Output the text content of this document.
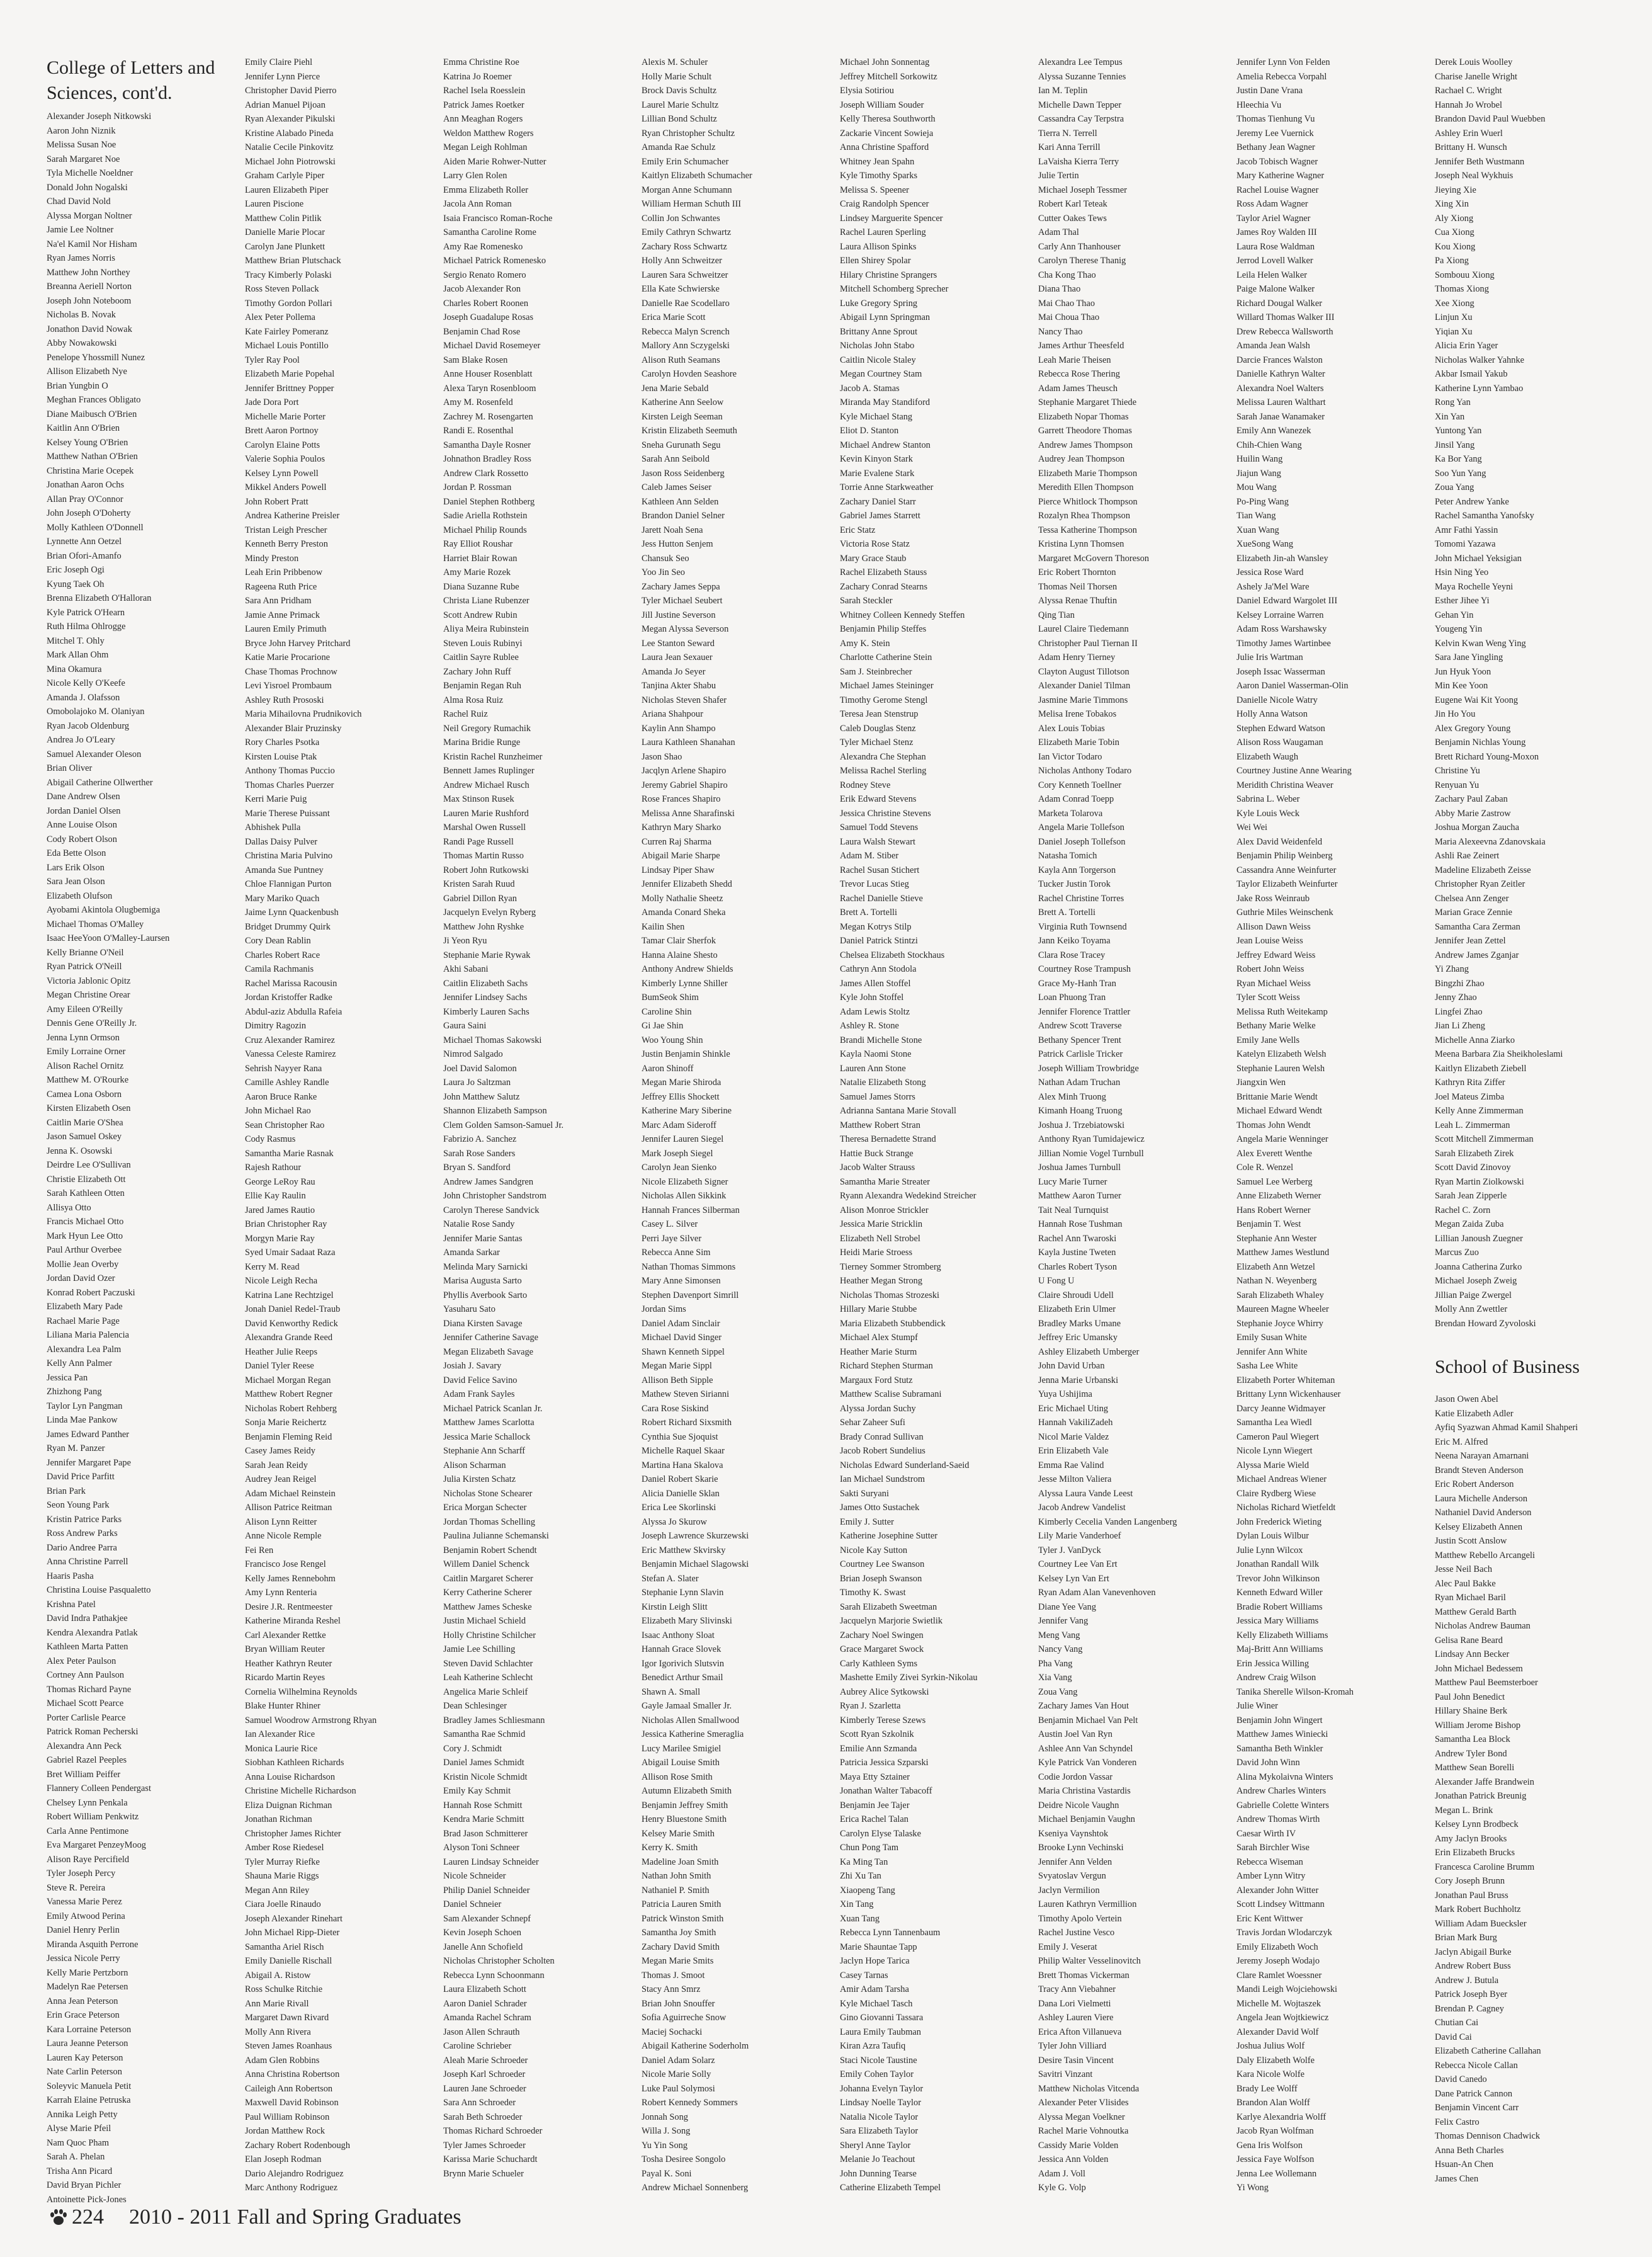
College of Letters and Sciences, cont'd.
Alexander Joseph Nitkowski
Aaron John Niznik
Melissa Susan Noe
Sarah Margaret Noe
Tyla Michelle Noeldner
Donald John Nogalski
Chad David Nold
Alyssa Morgan Noltner
Jamie Lee Noltner
Na'el Kamil Nor Hisham
Ryan James Norris
Matthew John Northey
Breanna Aeriell Norton
Joseph John Noteboom
Nicholas B. Novak
Jonathon David Nowak
Abby Nowakowski
Penelope Yhossmill Nunez
Allison Elizabeth Nye
Brian Yungbin O
Meghan Frances Obligato
Diane Maibusch O'Brien
Kaitlin Ann O'Brien
Kelsey Young O'Brien
Matthew Nathan O'Brien
Christina Marie Ocepek
Jonathan Aaron Ochs
Allan Pray O'Connor
John Joseph O'Doherty
Molly Kathleen O'Donnell
Lynnette Ann Oetzel
Brian Ofori-Amanfo
Eric Joseph Ogi
Kyung Taek Oh
Brenna Elizabeth O'Halloran
Kyle Patrick O'Hearn
Ruth Hilma Ohlrogge
Mitchel T. Ohly
Mark Allan Ohm
Mina Okamura
Nicole Kelly O'Keefe
Amanda J. Olafsson
Omobolajoko M. Olaniyan
Ryan Jacob Oldenburg
Andrea Jo O'Leary
Samuel Alexander Oleson
Brian Oliver
Abigail Catherine Ollwerther
Dane Andrew Olsen
Jordan Daniel Olsen
Anne Louise Olson
Cody Robert Olson
Eda Bette Olson
Lars Erik Olson
Sara Jean Olson
Elizabeth Olufson
Ayobami Akintola Olugbemiga
Michael Thomas O'Malley
Isaac HeeYoon O'Malley-Laursen
Kelly Brianne O'Neil
Ryan Patrick O'Neill
Victoria Jablonic Opitz
Megan Christine Orear
Amy Eileen O'Reilly
Dennis Gene O'Reilly Jr.
Jenna Lynn Ormson
Emily Lorraine Orner
Alison Rachel Ornitz
Matthew M. O'Rourke
Camea Lona Osborn
Kirsten Elizabeth Osen
Caitlin Marie O'Shea
Jason Samuel Oskey
Jenna K. Osowski
Deirdre Lee O'Sullivan
Christie Elizabeth Ott
Sarah Kathleen Otten
Allisya Otto
Francis Michael Otto
Mark Hyun Lee Otto
Paul Arthur Overbee
Mollie Jean Overby
Jordan David Ozer
Konrad Robert Paczuski
Elizabeth Mary Pade
Rachael Marie Page
Liliana Maria Palencia
Alexandra Lea Palm
Kelly Ann Palmer
Jessica Pan
Zhizhong Pang
Taylor Lyn Pangman
Linda Mae Pankow
James Edward Panther
Ryan M. Panzer
Jennifer Margaret Pape
David Price Parfitt
Brian Park
Seon Young Park
Kristin Patrice Parks
Ross Andrew Parks
Dario Andree Parra
Anna Christine Parrell
Haaris Pasha
Christina Louise Pasqualetto
Krishna Patel
David Indra Pathakjee
Kendra Alexandra Patlak
Kathleen Marta Patten
Alex Peter Paulson
Cortney Ann Paulson
Thomas Richard Payne
Michael Scott Pearce
Porter Carlisle Pearce
Patrick Roman Pecherski
Alexandra Ann Peck
Gabriel Razel Peeples
Bret William Peiffer
Flannery Colleen Pendergast
Chelsey Lynn Penkala
Robert William Penkwitz
Carla Anne Pentimone
Eva Margaret PenzeyMoog
Alison Raye Percifield
Tyler Joseph Percy
Steve R. Pereira
Vanessa Marie Perez
Emily Atwood Perina
Daniel Henry Perlin
Miranda Asquith Perrone
Jessica Nicole Perry
Kelly Marie Pertzborn
Madelyn Rae Petersen
Anna Jean Peterson
Erin Grace Peterson
Kara Lorraine Peterson
Laura Jeanne Peterson
Lauren Kay Peterson
Nate Carlin Peterson
Soleyvic Manuela Petit
Karrah Elaine Petruska
Annika Leigh Petty
Alyse Marie Pfeil
Nam Quoc Pham
Sarah A. Phelan
Trisha Ann Picard
David Bryan Pichler
Antoinette Pick-Jones
Emily Claire Piehl
Jennifer Lynn Pierce
Christopher David Pierro
Adrian Manuel Pijoan
Ryan Alexander Pikulski
Kristine Alabado Pineda
Natalie Cecile Pinkovitz
Michael John Piotrowski
Graham Carlyle Piper
Lauren Elizabeth Piper
Lauren Piscione
Matthew Colin Pitlik
Danielle Marie Plocar
Carolyn Jane Plunkett
Matthew Brian Plutschack
Tracy Kimberly Polaski
Ross Steven Pollack
Timothy Gordon Pollari
Alex Peter Pollema
Kate Fairley Pomeranz
Michael Louis Pontillo
Tyler Ray Pool
Elizabeth Marie Popehal
Jennifer Brittney Popper
Jade Dora Port
Michelle Marie Porter
Brett Aaron Portnoy
Carolyn Elaine Potts
Valerie Sophia Poulos
Kelsey Lynn Powell
Mikkel Anders Powell
John Robert Pratt
Andrea Katherine Preisler
Tristan Leigh Prescher
Kenneth Berry Preston
Mindy Preston
Leah Erin Pribbenow
Rageena Ruth Price
Sara Ann Pridham
Jamie Anne Primack
Lauren Emily Primuth
Bryce John Harvey Pritchard
Katie Marie Procarione
Chase Thomas Prochnow
Levi Yisroel Prombaum
Ashley Ruth Prososki
Maria Mihailovna Prudnikovich
Alexander Blair Pruzinsky
Rory Charles Psotka
Kirsten Louise Ptak
Anthony Thomas Puccio
Thomas Charles Puerzer
Kerri Marie Puig
Marie Therese Puissant
Abhishek Pulla
Dallas Daisy Pulver
Christina Maria Pulvino
Amanda Sue Puntney
Chloe Flannigan Purton
Mary Mariko Quach
Jaime Lynn Quackenbush
Bridget Drummy Quirk
Cory Dean Rablin
Charles Robert Race
Camila Rachmanis
Rachel Marissa Racousin
Jordan Kristoffer Radke
Abdul-aziz Abdulla Rafeia
Dimitry Ragozin
Cruz Alexander Ramirez
Vanessa Celeste Ramirez
Sehrish Nayyer Rana
Camille Ashley Randle
Aaron Bruce Ranke
John Michael Rao
Sean Christopher Rao
Cody Rasmus
Samantha Marie Rasnak
Rajesh Rathour
George LeRoy Rau
Ellie Kay Raulin
Jared James Rautio
Brian Christopher Ray
Morgyn Marie Ray
Syed Umair Sadaat Raza
Kerry M. Read
Nicole Leigh Recha
Katrina Lane Rechtzigel
Jonah Daniel Redel-Traub
David Kenworthy Redick
Alexandra Grande Reed
Heather Julie Reeps
Daniel Tyler Reese
Michael Morgan Regan
Matthew Robert Regner
Nicholas Robert Rehberg
Sonja Marie Reichertz
Benjamin Fleming Reid
Casey James Reidy
Sarah Jean Reidy
Audrey Jean Reigel
Adam Michael Reinstein
Allison Patrice Reitman
Alison Lynn Reitter
Anne Nicole Remple
Fei Ren
Francisco Jose Rengel
Kelly James Rennebohm
Amy Lynn Renteria
Desire J.R. Rentmeester
Katherine Miranda Reshel
Carl Alexander Rettke
Bryan William Reuter
Heather Kathryn Reuter
Ricardo Martin Reyes
Cornelia Wilhelmina Reynolds
Blake Hunter Rhiner
Samuel Woodrow Armstrong Rhyan
Ian Alexander Rice
Monica Laurie Rice
Siobhan Kathleen Richards
Anna Louise Richardson
Christine Michelle Richardson
Eliza Duignan Richman
Jonathan Richman
Christopher James Richter
Amber Rose Riedesel
Tyler Murray Riefke
Shauna Marie Riggs
Megan Ann Riley
Ciara Joelle Rinaudo
Joseph Alexander Rinehart
John Michael Ripp-Dieter
Samantha Ariel Risch
Emily Danielle Rischall
Abigail A. Ristow
Ross Schulke Ritchie
Ann Marie Rivall
Margaret Dawn Rivard
Molly Ann Rivera
Steven James Roanhaus
Adam Glen Robbins
Anna Christina Robertson
Caileigh Ann Robertson
Maxwell David Robinson
Paul William Robinson
Jordan Matthew Rock
Zachary Robert Rodenbough
Elan Joseph Rodman
Dario Alejandro Rodriguez
Marc Anthony Rodriguez
Emma Christine Roe
Katrina Jo Roemer
Rachel Isela Roesslein
Patrick James Roetker
Ann Meaghan Rogers
Weldon Matthew Rogers
Megan Leigh Rohlman
Aiden Marie Rohwer-Nutter
Larry Glen Rolen
Emma Elizabeth Roller
Jacola Ann Roman
Isaia Francisco Roman-Roche
Samantha Caroline Rome
Amy Rae Romenesko
Michael Patrick Romenesko
Sergio Renato Romero
Jacob Alexander Ron
Charles Robert Roonen
Joseph Guadalupe Rosas
Benjamin Chad Rose
Michael David Rosemeyer
Sam Blake Rosen
Anne Houser Rosenblatt
Alexa Taryn Rosenbloom
Amy M. Rosenfeld
Zachrey M. Rosengarten
Randi E. Rosenthal
Samantha Dayle Rosner
Johnathon Bradley Ross
Andrew Clark Rossetto
Jordan P. Rossman
Daniel Stephen Rothberg
Sadie Ariella Rothstein
Michael Philip Rounds
Ray Elliot Roushar
Harriet Blair Rowan
Amy Marie Rozek
Diana Suzanne Rube
Christa Liane Rubenzer
Scott Andrew Rubin
Aliya Meira Rubinstein
Steven Louis Rubinyi
Caitlin Sayre Rublee
Zachary John Ruff
Benjamin Regan Ruh
Alma Rosa Ruiz
Rachel Ruiz
Neil Gregory Rumachik
Marina Bridie Runge
Kristin Rachel Runzheimer
Bennett James Ruplinger
Andrew Michael Rusch
Max Stinson Rusek
Lauren Marie Rushford
Marshal Owen Russell
Randi Page Russell
Thomas Martin Russo
Robert John Rutkowski
Kristen Sarah Ruud
Gabriel Dillon Ryan
Jacquelyn Evelyn Ryberg
Matthew John Ryshke
Ji Yeon Ryu
Stephanie Marie Rywak
Akhi Sabani
Caitlin Elizabeth Sachs
Jennifer Lindsey Sachs
Kimberly Lauren Sachs
Gaura Saini
Michael Thomas Sakowski
Nimrod Salgado
Joel David Salomon
Laura Jo Saltzman
John Matthew Salutz
Shannon Elizabeth Sampson
Clem Golden Samson-Samuel Jr.
Fabrizio A. Sanchez
Sarah Rose Sanders
Bryan S. Sandford
Andrew James Sandgren
John Christopher Sandstrom
Carolyn Therese Sandvick
Natalie Rose Sandy
Jennifer Marie Santas
Amanda Sarkar
Melinda Mary Sarnicki
Marisa Augusta Sarto
Phyllis Averbook Sarto
Yasuharu Sato
Diana Kirsten Savage
Jennifer Catherine Savage
Megan Elizabeth Savage
Josiah J. Savary
David Felice Savino
Adam Frank Sayles
Michael Patrick Scanlan Jr.
Matthew James Scarlotta
Jessica Marie Schallock
Stephanie Ann Scharff
Alison Scharman
Julia Kirsten Schatz
Nicholas Stone Schearer
Erica Morgan Schecter
Jordan Thomas Schelling
Paulina Julianne Schemanski
Benjamin Robert Schendt
Willem Daniel Schenck
Caitlin Margaret Scherer
Kerry Catherine Scherer
Matthew James Scheske
Justin Michael Schield
Holly Christine Schilcher
Jamie Lee Schilling
Steven David Schlachter
Leah Katherine Schlecht
Angelica Marie Schleif
Dean Schlesinger
Bradley James Schliesmann
Samantha Rae Schmid
Cory J. Schmidt
Daniel James Schmidt
Kristin Nicole Schmidt
Emily Kay Schmit
Hannah Rose Schmitt
Kendra Marie Schmitt
Brad Jason Schmitterer
Alyson Toni Schneer
Lauren Lindsay Schneider
Nicole Schneider
Philip Daniel Schneider
Daniel Schneier
Sam Alexander Schnepf
Kevin Joseph Schoen
Janelle Ann Schofield
Nicholas Christopher Scholten
Rebecca Lynn Schoonmann
Laura Elizabeth Schott
Aaron Daniel Schrader
Amanda Rachel Schram
Jason Allen Schrauth
Caroline Schrieber
Aleah Marie Schroeder
Joseph Karl Schroeder
Lauren Jane Schroeder
Sara Ann Schroeder
Sarah Beth Schroeder
Thomas Richard Schroeder
Tyler James Schroeder
Karissa Marie Schuchardt
Brynn Marie Schueler
Alexis M. Schuler
Holly Marie Schult
Brock Davis Schultz
Laurel Marie Schultz
Lillian Bond Schultz
Ryan Christopher Schultz
Amanda Rae Schulz
Emily Erin Schumacher
Kaitlyn Elizabeth Schumacher
Morgan Anne Schumann
William Herman Schuth III
Collin Jon Schwantes
Emily Cathryn Schwartz
Zachary Ross Schwartz
Holly Ann Schweitzer
Lauren Sara Schweitzer
Ella Kate Schwierske
Danielle Rae Scodellaro
Erica Marie Scott
Rebecca Malyn Scrench
Mallory Ann Sczygelski
Alison Ruth Seamans
Carolyn Hovden Seashore
Jena Marie Sebald
Katherine Ann Seelow
Kirsten Leigh Seeman
Kristin Elizabeth Seemuth
Sneha Gurunath Segu
Sarah Ann Seibold
Jason Ross Seidenberg
Caleb James Seiser
Kathleen Ann Selden
Brandon Daniel Selner
Jarett Noah Sena
Jess Hutton Senjem
Chansuk Seo
Yoo Jin Seo
Zachary James Seppa
Tyler Michael Seubert
Jill Justine Severson
Megan Alyssa Severson
Lee Stanton Seward
Laura Jean Sexauer
Amanda Jo Seyer
Tanjina Akter Shabu
Nicholas Steven Shafer
Ariana Shahpour
Kaylin Ann Shampo
Laura Kathleen Shanahan
Jason Shao
Jacqlyn Arlene Shapiro
Jeremy Gabriel Shapiro
Rose Frances Shapiro
Melissa Anne Sharafinski
Kathryn Mary Sharko
Curren Raj Sharma
Abigail Marie Sharpe
Lindsay Piper Shaw
Jennifer Elizabeth Shedd
Molly Nathalie Sheetz
Amanda Conard Sheka
Kailin Shen
Tamar Clair Sherfok
Hanna Alaine Shesto
Anthony Andrew Shields
Kimberly Lynne Shiller
BumSeok Shim
Caroline Shin
Gi Jae Shin
Woo Young Shin
Justin Benjamin Shinkle
Aaron Shinoff
Megan Marie Shiroda
Jeffrey Ellis Shockett
Katherine Mary Siberine
Marc Adam Sideroff
Jennifer Lauren Siegel
Mark Joseph Siegel
Carolyn Jean Sienko
Nicole Elizabeth Signer
Nicholas Allen Sikkink
Hannah Frances Silberman
Casey L. Silver
Perri Jaye Silver
Rebecca Anne Sim
Nathan Thomas Simmons
Mary Anne Simonsen
Stephen Davenport Simrill
Jordan Sims
Daniel Adam Sinclair
Michael David Singer
Shawn Kenneth Sippel
Megan Marie Sippl
Allison Beth Sipple
Mathew Steven Sirianni
Cara Rose Siskind
Robert Richard Sixsmith
Cynthia Sue Sjoquist
Michelle Raquel Skaar
Martina Hana Skalova
Daniel Robert Skarie
Alicia Danielle Sklan
Erica Lee Skorlinski
Alyssa Jo Skurow
Joseph Lawrence Skurzewski
Eric Matthew Skvirsky
Benjamin Michael Slagowski
Stefan A. Slater
Stephanie Lynn Slavin
Kirstin Leigh Slitt
Elizabeth Mary Slivinski
Isaac Anthony Sloat
Hannah Grace Slovek
Igor Igorivich Slutsvin
Benedict Arthur Smail
Shawn A. Small
Gayle Jamaal Smaller Jr.
Nicholas Allen Smallwood
Jessica Katherine Smeraglia
Lucy Marilee Smigiel
Abigail Louise Smith
Allison Rose Smith
Autumn Elizabeth Smith
Benjamin Jeffrey Smith
Henry Bluestone Smith
Kelsey Marie Smith
Kerry K. Smith
Madeline Joan Smith
Nathan John Smith
Nathaniel P. Smith
Patricia Lauren Smith
Patrick Winston Smith
Samantha Joy Smith
Zachary David Smith
Megan Marie Smits
Thomas J. Smoot
Stacy Ann Smrz
Brian John Snouffer
Sofia Aguirreche Snow
Maciej Sochacki
Abigail Katherine Soderholm
Daniel Adam Solarz
Nicole Marie Solly
Luke Paul Solymosi
Robert Kennedy Sommers
Jonnah Song
Willa J. Song
Yu Yin Song
Tosha Desiree Songolo
Payal K. Soni
Andrew Michael Sonnenberg
Michael John Sonnentag
Jeffrey Mitchell Sorkowitz
Elysia Sotiriou
Joseph William Souder
Kelly Theresa Southworth
Zackarie Vincent Sowieja
Anna Christine Spafford
Whitney Jean Spahn
Kyle Timothy Sparks
Melissa S. Speener
Craig Randolph Spencer
Lindsey Marguerite Spencer
Rachel Lauren Sperling
Laura Allison Spinks
Ellen Shirey Spolar
Hilary Christine Sprangers
Mitchell Schomberg Sprecher
Luke Gregory Spring
Abigail Lynn Springman
Brittany Anne Sprout
Nicholas John Stabo
Caitlin Nicole Staley
Megan Courtney Stam
Jacob A. Stamas
Miranda May Standiford
Kyle Michael Stang
Eliot D. Stanton
Michael Andrew Stanton
Kevin Kinyon Stark
Marie Evalene Stark
Torrie Anne Starkweather
Zachary Daniel Starr
Gabriel James Starrett
Eric Statz
Victoria Rose Statz
Mary Grace Staub
Rachel Elizabeth Stauss
Zachary Conrad Stearns
Sarah Steckler
Whitney Colleen Kennedy Steffen
Benjamin Philip Steffes
Amy K. Stein
Charlotte Catherine Stein
Sam J. Steinbrecher
Michael James Steininger
Timothy Gerome Stengl
Teresa Jean Stenstrup
Caleb Douglas Stenz
Tyler Michael Stenz
Alexandra Che Stephan
Melissa Rachel Sterling
Rodney Steve
Erik Edward Stevens
Jessica Christine Stevens
Samuel Todd Stevens
Laura Walsh Stewart
Adam M. Stiber
Rachel Susan Stichert
Trevor Lucas Stieg
Rachel Danielle Stieve
Brett A. Tortelli
Megan Kotrys Stilp
Daniel Patrick Stintzi
Chelsea Elizabeth Stockhaus
Cathryn Ann Stodola
James Allen Stoffel
Kyle John Stoffel
Adam Lewis Stoltz
Ashley R. Stone
Brandi Michelle Stone
Kayla Naomi Stone
Lauren Ann Stone
Natalie Elizabeth Stong
Samuel James Storrs
Adrianna Santana Marie Stovall
Matthew Robert Stran
Theresa Bernadette Strand
Hattie Buck Strange
Jacob Walter Strauss
Samantha Marie Streater
Ryann Alexandra Wedekind Streicher
Alison Monroe Strickler
Jessica Marie Stricklin
Elizabeth Nell Strobel
Heidi Marie Stroess
Tierney Sommer Stromberg
Heather Megan Strong
Nicholas Thomas Strozeski
Hillary Marie Stubbe
Maria Elizabeth Stubbendick
Michael Alex Stumpf
Heather Marie Sturm
Richard Stephen Sturman
Margaux Ford Stutz
Matthew Scalise Subramani
Alyssa Jordan Suchy
Sehar Zaheer Sufi
Brady Conrad Sullivan
Jacob Robert Sundelius
Nicholas Edward Sunderland-Saeid
Ian Michael Sundstrom
Sakti Suryani
James Otto Sustachek
Emily J. Sutter
Katherine Josephine Sutter
Nicole Kay Sutton
Courtney Lee Swanson
Brian Joseph Swanson
Timothy K. Swast
Sarah Elizabeth Sweetman
Jacquelyn Marjorie Swietlik
Zachary Noel Swingen
Grace Margaret Swock
Carly Kathleen Syms
Mashette Emily Zivei Syrkin-Nikolau
Aubrey Alice Sytkowski
Ryan J. Szarletta
Kimberly Terese Szews
Scott Ryan Szkolnik
Emilie Ann Szmanda
Patricia Jessica Szparski
Maya Etty Sztainer
Jonathan Walter Tabacoff
Benjamin Jee Tajer
Erica Rachel Talan
Carolyn Elyse Talaske
Chun Pong Tam
Ka Ming Tan
Zhi Xu Tan
Xiaopeng Tang
Xin Tang
Xuan Tang
Rebecca Lynn Tannenbaum
Marie Shauntae Tapp
Jaclyn Hope Tarica
Casey Tarnas
Amir Adam Tarsha
Kyle Michael Tasch
Gino Giovanni Tassara
Laura Emily Taubman
Kiran Azra Taufiq
Staci Nicole Taustine
Emily Cohen Taylor
Johanna Evelyn Taylor
Lindsay Noelle Taylor
Natalia Nicole Taylor
Sara Elizabeth Taylor
Sheryl Anne Taylor
Melanie Jo Teachout
John Dunning Tearse
Catherine Elizabeth Tempel
Alexandra Lee Tempus
Alyssa Suzanne Tennies
Ian M. Teplin
Michelle Dawn Tepper
Cassandra Cay Terpstra
Tierra N. Terrell
Kari Anna Terrill
LaVaisha Kierra Terry
Julie Tertin
Michael Joseph Tessmer
Robert Karl Teteak
Cutter Oakes Tews
Adam Thal
Carly Ann Thanhouser
Carolyn Therese Thanig
Cha Kong Thao
Diana Thao
Mai Chao Thao
Mai Choua Thao
Nancy Thao
James Arthur Theesfeld
Leah Marie Theisen
Rebecca Rose Thering
Adam James Theusch
Stephanie Margaret Thiede
Elizabeth Nopar Thomas
Garrett Theodore Thomas
Andrew James Thompson
Audrey Jean Thompson
Elizabeth Marie Thompson
Meredith Ellen Thompson
Pierce Whitlock Thompson
Rozalyn Rhea Thompson
Tessa Katherine Thompson
Kristina Lynn Thomsen
Margaret McGovern Thoreson
Eric Robert Thornton
Thomas Neil Thorsen
Alyssa Renae Thuftin
Qing Tian
Laurel Claire Tiedemann
Christopher Paul Tiernan II
Adam Henry Tierney
Clayton August Tillotson
Alexander Daniel Tilman
Jasmine Marie Timmons
Melisa Irene Tobakos
Alex Louis Tobias
Elizabeth Marie Tobin
Ian Victor Todaro
Nicholas Anthony Todaro
Cory Kenneth Toellner
Adam Conrad Toepp
Marketa Tolarova
Angela Marie Tollefson
Daniel Joseph Tollefson
Natasha Tomich
Kayla Ann Torgerson
Tucker Justin Torok
Rachel Christine Torres
Brett A. Tortelli
Virginia Ruth Townsend
Jann Keiko Toyama
Clara Rose Tracey
Courtney Rose Trampush
Grace My-Hanh Tran
Loan Phuong Tran
Jennifer Florence Trattler
Andrew Scott Traverse
Bethany Spencer Trent
Patrick Carlisle Tricker
Joseph William Trowbridge
Nathan Adam Truchan
Alex Minh Truong
Kimanh Hoang Truong
Joshua J. Trzebiatowski
Anthony Ryan Tumidajewicz
Jillian Nomie Vogel Turnbull
Joshua James Turnbull
Lucy Marie Turner
Matthew Aaron Turner
Tait Neal Turnquist
Hannah Rose Tushman
Rachel Ann Twaroski
Kayla Justine Tweten
Charles Robert Tyson
U Fong U
Claire Shroudi Udell
Elizabeth Erin Ulmer
Bradley Marks Umane
Jeffrey Eric Umansky
Ashley Elizabeth Umberger
John David Urban
Jenna Marie Urbanski
Yuya Ushijima
Eric Michael Uting
Hannah VakiliZadeh
Nicol Marie Valdez
Erin Elizabeth Vale
Emma Rae Valind
Jesse Milton Valiera
Alyssa Laura Vande Leest
Jacob Andrew Vandelist
Kimberly Cecelia Vanden Langenberg
Lily Marie Vanderhoef
Tyler J. VanDyck
Courtney Lee Van Ert
Kelsey Lyn Van Ert
Ryan Adam Alan Vanevenhoven
Diane Yee Vang
Jennifer Vang
Meng Vang
Nancy Vang
Pha Vang
Xia Vang
Zoua Vang
Zachary James Van Hout
Benjamin Michael Van Pelt
Austin Joel Van Ryn
Ashlee Ann Van Schyndel
Kyle Patrick Van Vonderen
Codie Jordon Vassar
Maria Christina Vastardis
Deidre Nicole Vaughn
Michael Benjamin Vaughn
Kseniya Vaynshtok
Brooke Lynn Vechinski
Jennifer Ann Velden
Svyatoslav Vergun
Jaclyn Vermilion
Lauren Kathryn Vermillion
Timothy Apolo Vertein
Rachel Justine Vesco
Emily J. Veserat
Philip Walter Vesselinovitch
Brett Thomas Vickerman
Tracy Ann Viebahner
Dana Lori Vielmetti
Ashley Lauren Viere
Erica Afton Villanueva
Tyler John Villiard
Desire Tasin Vincent
Savitri Vinzant
Matthew Nicholas Vitcenda
Alexander Peter Vlisides
Alyssa Megan Voelkner
Rachel Marie Vohnoutka
Cassidy Marie Volden
Jessica Ann Volden
Adam J. Voll
Kyle G. Volp
Jennifer Lynn Von Felden
Amelia Rebecca Vorpahl
Justin Dane Vrana
Hleechia Vu
Thomas Tienhung Vu
Jeremy Lee Vuernick
Bethany Jean Wagner
Jacob Tobisch Wagner
Mary Katherine Wagner
Rachel Louise Wagner
Ross Adam Wagner
Taylor Ariel Wagner
James Roy Walden III
Laura Rose Waldman
Jerrod Lovell Walker
Leila Helen Walker
Paige Malone Walker
Richard Dougal Walker
Willard Thomas Walker III
Drew Rebecca Wallsworth
Amanda Jean Walsh
Darcie Frances Walston
Danielle Kathryn Walter
Alexandra Noel Walters
Melissa Lauren Walthart
Sarah Janae Wanamaker
Emily Ann Wanezek
Chih-Chien Wang
Huilin Wang
Jiajun Wang
Mou Wang
Po-Ping Wang
Tian Wang
Xuan Wang
XueSong Wang
Elizabeth Jin-ah Wansley
Jessica Rose Ward
Ashely Ja'Mel Ware
Daniel Edward Wargolet III
Kelsey Lorraine Warren
Adam Ross Warshawsky
Timothy James Wartinbee
Julie Iris Wartman
Joseph Issac Wasserman
Aaron Daniel Wasserman-Olin
Danielle Nicole Watry
Holly Anna Watson
Stephen Edward Watson
Alison Ross Waugaman
Elizabeth Waugh
Courtney Justine Anne Wearing
Meridith Christina Weaver
Sabrina L. Weber
Kyle Louis Weck
Wei Wei
Alex David Weidenfeld
Benjamin Philip Weinberg
Cassandra Anne Weinfurter
Taylor Elizabeth Weinfurter
Jake Ross Weinraub
Guthrie Miles Weinschenk
Allison Dawn Weiss
Jean Louise Weiss
Jeffrey Edward Weiss
Robert John Weiss
Ryan Michael Weiss
Tyler Scott Weiss
Melissa Ruth Weitekamp
Bethany Marie Welke
Emily Jane Wells
Katelyn Elizabeth Welsh
Stephanie Lauren Welsh
Jiangxin Wen
Brittanie Marie Wendt
Michael Edward Wendt
Thomas John Wendt
Angela Marie Wenninger
Alex Everett Wenthe
Cole R. Wenzel
Samuel Lee Werberg
Anne Elizabeth Werner
Hans Robert Werner
Benjamin T. West
Stephanie Ann Wester
Matthew James Westlund
Elizabeth Ann Wetzel
Nathan N. Weyenberg
Sarah Elizabeth Whaley
Maureen Magne Wheeler
Stephanie Joyce Whirry
Emily Susan White
Jennifer Ann White
Sasha Lee White
Elizabeth Porter Whiteman
Brittany Lynn Wickenhauser
Darcy Jeanne Widmayer
Samantha Lea Wiedl
Cameron Paul Wiegert
Nicole Lynn Wiegert
Alyssa Marie Wield
Michael Andreas Wiener
Claire Rydberg Wiese
Nicholas Richard Wietfeldt
John Frederick Wieting
Dylan Louis Wilbur
Julie Lynn Wilcox
Jonathan Randall Wilk
Trevor John Wilkinson
Kenneth Edward Willer
Bradie Robert Williams
Jessica Mary Williams
Kelly Elizabeth Williams
Maj-Britt Ann Williams
Erin Jessica Willing
Andrew Craig Wilson
Tanika Sherelle Wilson-Kromah
Julie Winer
Benjamin John Wingert
Matthew James Winiecki
Samantha Beth Winkler
David John Winn
Alina Mykolaivna Winters
Andrew Charles Winters
Gabrielle Colette Winters
Andrew Thomas Wirth
Caesar Wirth IV
Sarah Birchler Wise
Rebecca Wiseman
Amber Lynn Witry
Alexander John Witter
Scott Lindsey Wittmann
Eric Kent Wittwer
Travis Jordan Wlodarczyk
Emily Elizabeth Woch
Jeremy Joseph Wodajo
Clare Ramlet Woessner
Mandi Leigh Wojciehowski
Michelle M. Wojtaszek
Angela Jean Wojtkiewicz
Alexander David Wolf
Joshua Julius Wolf
Daly Elizabeth Wolfe
Kara Nicole Wolfe
Brady Lee Wolff
Brandon Alan Wolff
Karlye Alexandria Wolff
Jacob Ryan Wolfman
Gena Iris Wolfson
Jessica Faye Wolfson
Jenna Lee Wollemann
Yi Wong
Derek Louis Woolley
Charise Janelle Wright
Rachael C. Wright
Hannah Jo Wrobel
Brandon David Paul Wuebben
Ashley Erin Wuerl
Brittany H. Wunsch
Jennifer Beth Wustmann
Joseph Neal Wykhuis
Jieying Xie
Xing Xin
Aly Xiong
Cua Xiong
Kou Xiong
Pa Xiong
Sombouu Xiong
Thomas Xiong
Xee Xiong
Linjun Xu
Yiqian Xu
Alicia Erin Yager
Nicholas Walker Yahnke
Akbar Ismail Yakub
Katherine Lynn Yambao
Rong Yan
Xin Yan
Yuntong Yan
Jinsil Yang
Ka Bor Yang
Soo Yun Yang
Zoua Yang
Peter Andrew Yanke
Rachel Samantha Yanofsky
Amr Fathi Yassin
Tomomi Yazawa
John Michael Yeksigian
Hsin Ning Yeo
Maya Rochelle Yeyni
Esther Jihee Yi
Gehan Yin
Yougeng Yin
Kelvin Kwan Weng Ying
Sara Jane Yingling
Jun Hyuk Yoon
Min Kee Yoon
Eugene Wai Kit Yoong
Jin Ho You
Alex Gregory Young
Benjamin Nichlas Young
Brett Richard Young-Moxon
Christine Yu
Renyuan Yu
Zachary Paul Zaban
Abby Marie Zastrow
Joshua Morgan Zaucha
Maria Alexeevna Zdanovskaia
Ashli Rae Zeinert
Madeline Elizabeth Zeisse
Christopher Ryan Zeitler
Chelsea Ann Zenger
Marian Grace Zennie
Samantha Cara Zerman
Jennifer Jean Zettel
Andrew James Zganjar
Yi Zhang
Bingzhi Zhao
Jenny Zhao
Lingfei Zhao
Jian Li Zheng
Michelle Anna Ziarko
Meena Barbara Zia Sheikholeslami
Kaitlyn Elizabeth Ziebell
Kathryn Rita Ziffer
Joel Mateus Zimba
Kelly Anne Zimmerman
Leah L. Zimmerman
Scott Mitchell Zimmerman
Sarah Elizabeth Zirek
Scott David Zinovoy
Ryan Martin Ziolkowski
Sarah Jean Zipperle
Rachel C. Zorn
Megan Zaida Zuba
Lillian Janoush Zuegner
Marcus Zuo
Joanna Catherina Zurko
Michael Joseph Zweig
Jillian Paige Zwergel
Molly Ann Zwettler
Brendan Howard Zyvoloski
School of Business
Jason Owen Abel
Katie Elizabeth Adler
Ayfiq Syazwan Ahmad Kamil Shahperi
Eric M. Alfred
Neena Narayan Amarnani
Brandt Steven Anderson
Eric Robert Anderson
Laura Michelle Anderson
Nathaniel David Anderson
Kelsey Elizabeth Annen
Justin Scott Anslow
Matthew Rebello Arcangeli
Jesse Neil Bach
Alec Paul Bakke
Ryan Michael Baril
Matthew Gerald Barth
Nicholas Andrew Bauman
Gelisa Rane Beard
Lindsay Ann Becker
John Michael Bedessem
Matthew Paul Beemsterboer
Paul John Benedict
Hillary Shaine Berk
William Jerome Bishop
Samantha Lea Block
Andrew Tyler Bond
Matthew Sean Borelli
Alexander Jaffe Brandwein
Jonathan Patrick Breunig
Megan L. Brink
Kelsey Lynn Brodbeck
Amy Jaclyn Brooks
Erin Elizabeth Brucks
Francesca Caroline Brumm
Cory Joseph Brunn
Jonathan Paul Bruss
Mark Robert Buchholtz
William Adam Buecksler
Brian Mark Burg
Jaclyn Abigail Burke
Andrew Robert Buss
Andrew J. Butula
Patrick Joseph Byer
Brendan P. Cagney
Chutian Cai
David Cai
Elizabeth Catherine Callahan
Rebecca Nicole Callan
David Canedo
Dane Patrick Cannon
Benjamin Vincent Carr
Felix Castro
Thomas Dennison Chadwick
Anna Beth Charles
Hsuan-An Chen
James Chen
224 2010 - 2011 Fall and Spring Graduates
